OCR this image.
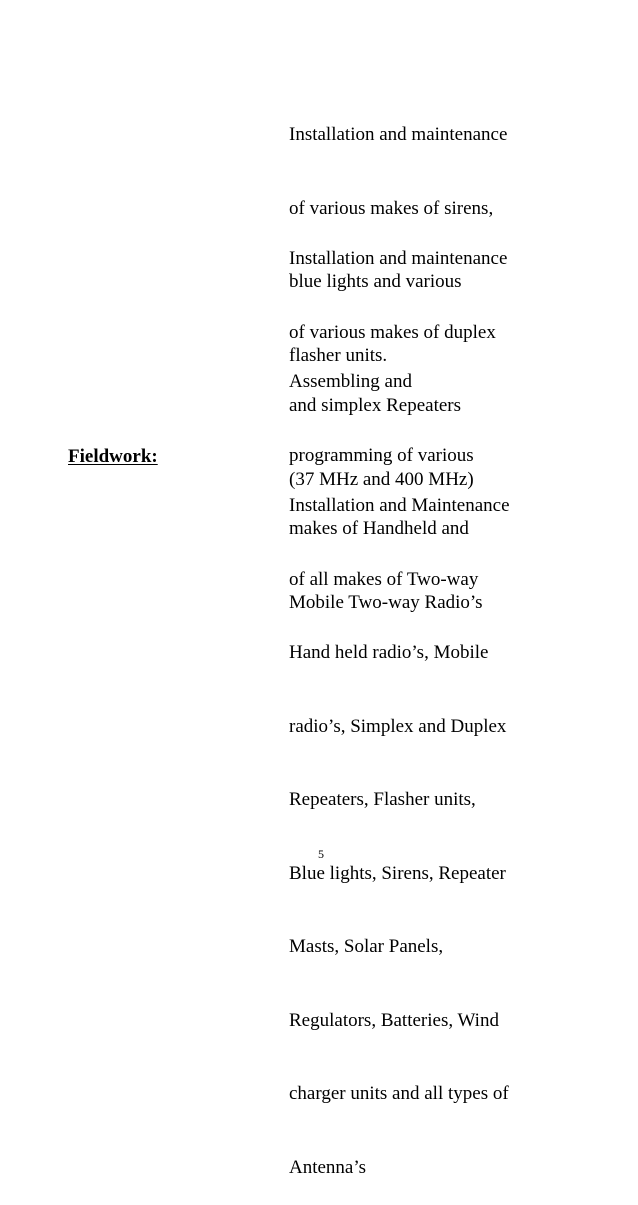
Installation and maintenance

of various makes of sirens,

blue lights and various

flasher units.

Installation and maintenance

of various makes of duplex

and simplex Repeaters

(37 MHz and 400 MHz)

Assembling and

programming of various

makes of Handheld and

Mobile Two-way Radio’s

Fieldwork:

Installation and Maintenance

of all makes of Two-way

Hand held radio’s, Mobile

radio’s, Simplex and Duplex

Repeaters, Flasher units,

Blue lights, Sirens, Repeater

Masts, Solar Panels,

Regulators, Batteries, Wind

charger units and all types of

Antenna’s

5
